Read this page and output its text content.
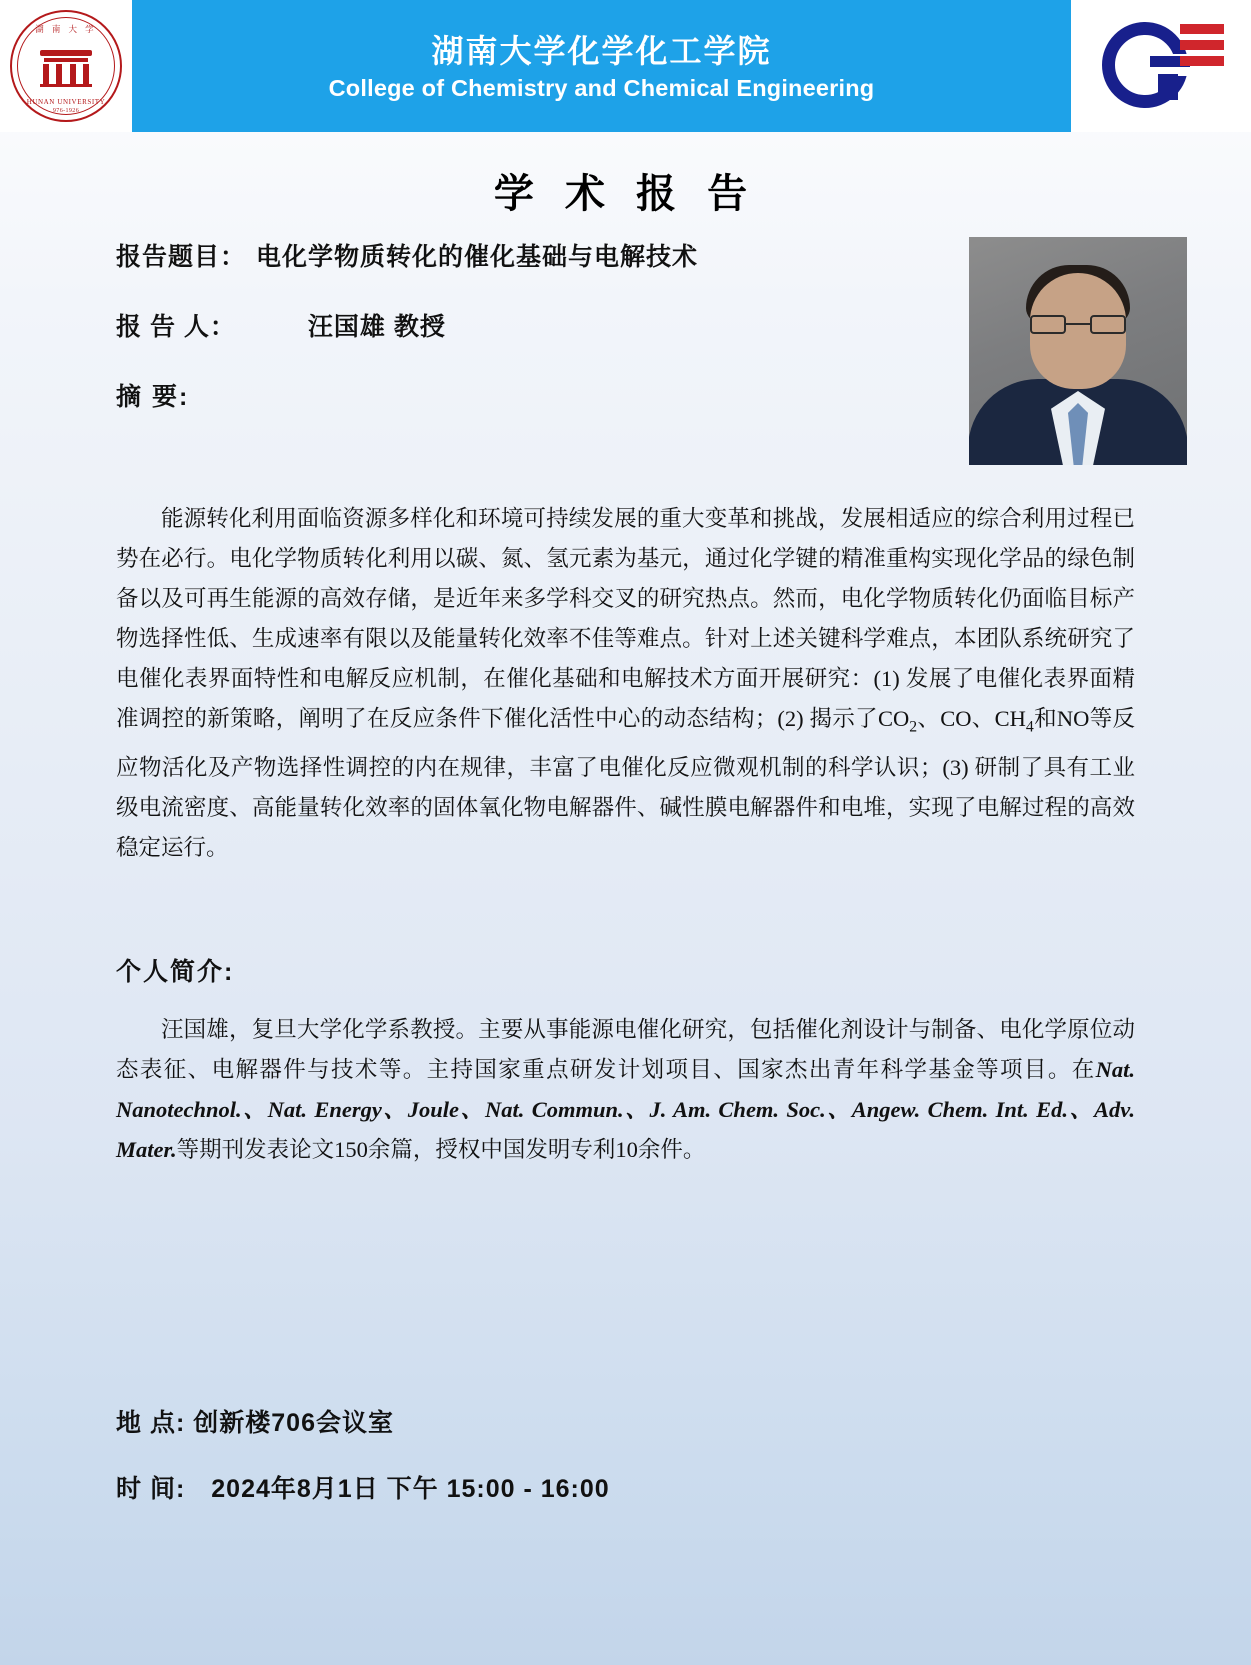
湖 南 大 学
HUNAN UNIVERSITY
976-1926
湖南大学化学化工学院
College of Chemistry and Chemical Engineering
学 术 报 告
报告题目： 电化学物质转化的催化基础与电解技术
报 告 人：	汪国雄 教授
摘 要:
能源转化利用面临资源多样化和环境可持续发展的重大变革和挑战，发展相适应的综合利用过程已势在必行。电化学物质转化利用以碳、氮、氢元素为基元，通过化学键的精准重构实现化学品的绿色制备以及可再生能源的高效存储，是近年来多学科交叉的研究热点。然而，电化学物质转化仍面临目标产物选择性低、生成速率有限以及能量转化效率不佳等难点。针对上述关键科学难点，本团队系统研究了电催化表界面特性和电解反应机制，在催化基础和电解技术方面开展研究：(1) 发展了电催化表界面精准调控的新策略，阐明了在反应条件下催化活性中心的动态结构；(2) 揭示了$CO_2$、CO、$CH_4$和NO等反应物活化及产物选择性调控的内在规律，丰富了电催化反应微观机制的科学认识；(3) 研制了具有工业级电流密度、高能量转化效率的固体氧化物电解器件、碱性膜电解器件和电堆，实现了电解过程的高效稳定运行。
个人简介:
汪国雄，复旦大学化学系教授。主要从事能源电催化研究，包括催化剂设计与制备、电化学原位动态表征、电解器件与技术等。主持国家重点研发计划项目、国家杰出青年科学基金等项目。在Nat. Nanotechnol.、Nat. Energy、Joule、Nat. Commun.、J. Am. Chem. Soc.、Angew. Chem. Int. Ed.、Adv. Mater.等期刊发表论文150余篇，授权中国发明专利10余件。
地 点: 创新楼706会议室
时 间: 2024年8月1日 下午 15:00 - 16:00
